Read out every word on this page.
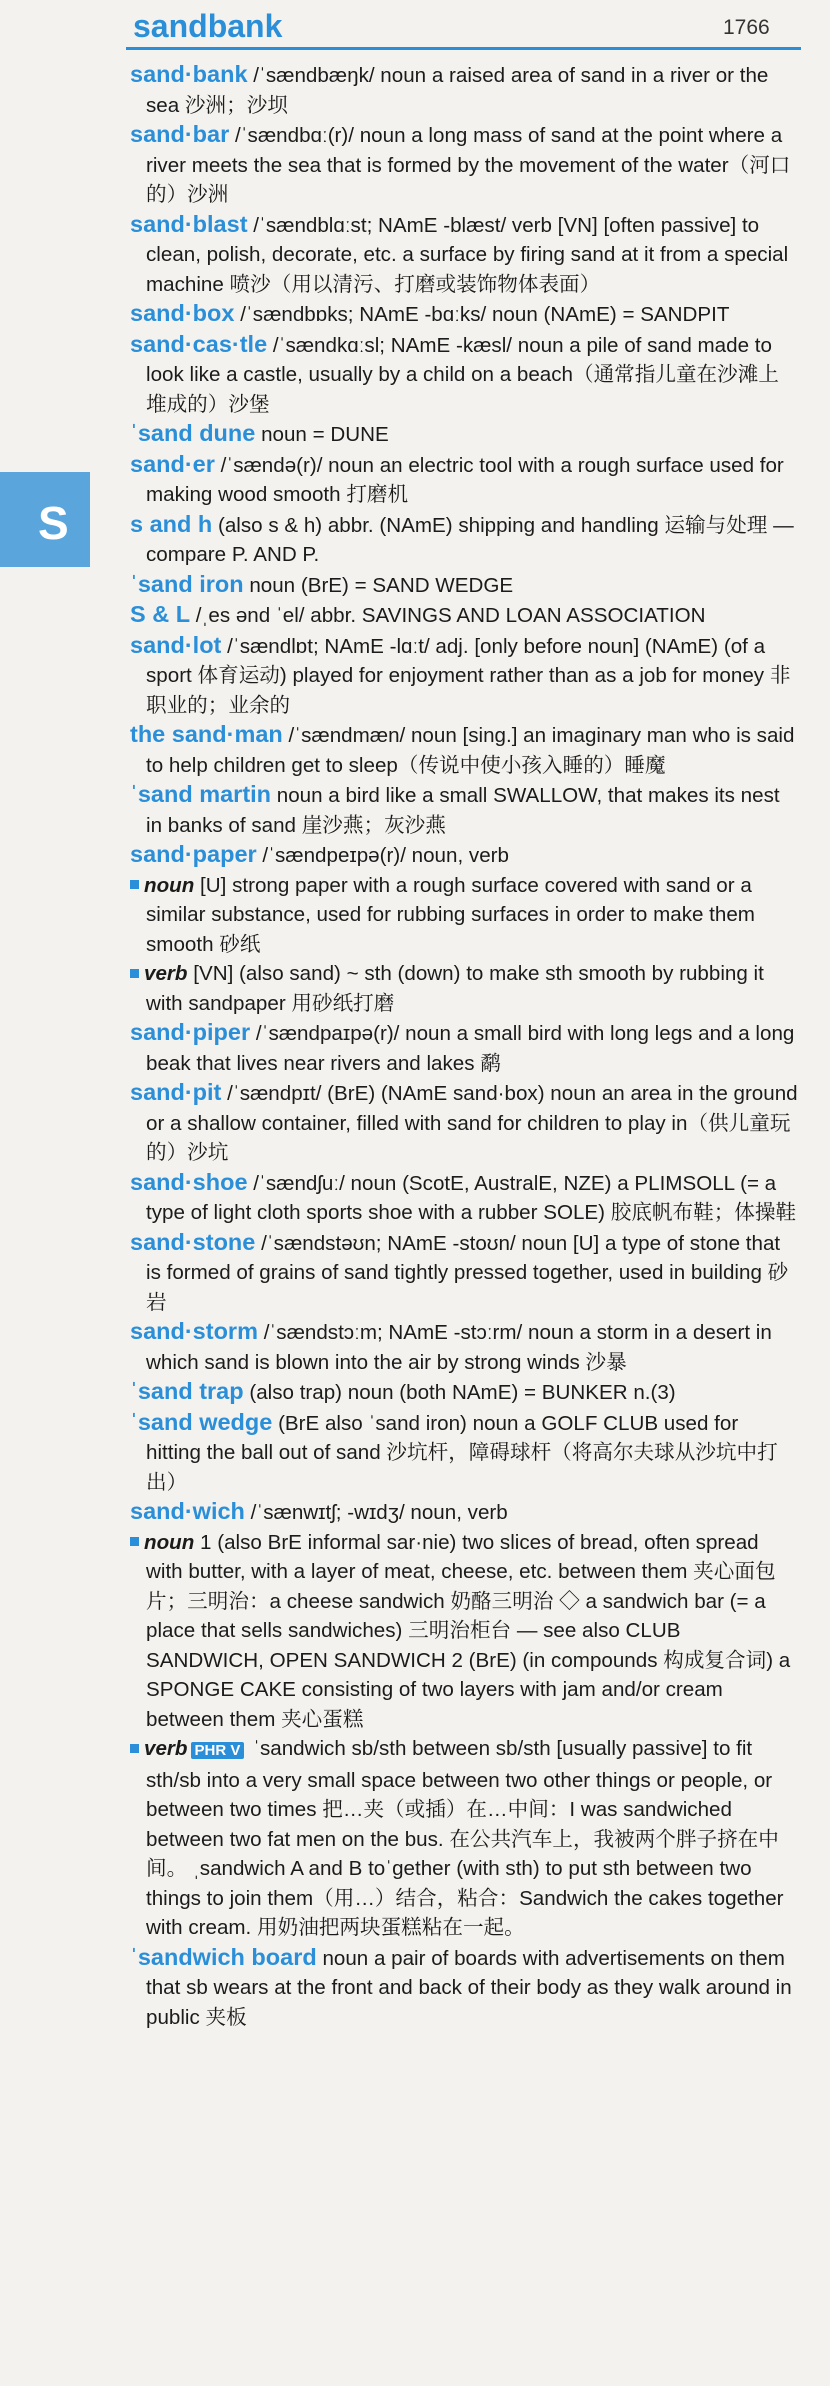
sandbank	1766
S

sand·bank /ˈsændbæŋk/ noun a raised area of sand in a river or the sea 沙洲；沙坝

sand·bar /ˈsændbɑː(r)/ noun a long mass of sand at the point where a river meets the sea that is formed by the movement of the water（河口的）沙洲

sand·blast /ˈsændblɑːst; NAmE -blæst/ verb [VN] [often passive] to clean, polish, decorate, etc. a surface by firing sand at it from a special machine 喷沙（用以清污、打磨或装饰物体表面）

sand·box /ˈsændbɒks; NAmE -bɑːks/ noun (NAmE) = SANDPIT

sand·cas·tle /ˈsændkɑːsl; NAmE -kæsl/ noun a pile of sand made to look like a castle, usually by a child on a beach（通常指儿童在沙滩上堆成的）沙堡

ˈsand dune noun = DUNE

sand·er /ˈsændə(r)/ noun an electric tool with a rough surface used for making wood smooth 打磨机

s and h (also s & h) abbr. (NAmE) shipping and handling 运输与处理 — compare P. AND P.

ˈsand iron noun (BrE) = SAND WEDGE

S & L /ˌes ənd ˈel/ abbr. SAVINGS AND LOAN ASSOCIATION

sand·lot /ˈsændlɒt; NAmE -lɑːt/ adj. [only before noun] (NAmE) (of a sport 体育运动) played for enjoyment rather than as a job for money 非职业的；业余的

the sand·man /ˈsændmæn/ noun [sing.] an imaginary man who is said to help children get to sleep（传说中使小孩入睡的）睡魔

ˈsand martin noun a bird like a small SWALLOW, that makes its nest in banks of sand 崖沙燕；灰沙燕

sand·paper /ˈsændpeɪpə(r)/ noun, verb

noun [U] strong paper with a rough surface covered with sand or a similar substance, used for rubbing surfaces in order to make them smooth 砂纸

verb [VN] (also sand) ~ sth (down) to make sth smooth by rubbing it with sandpaper 用砂纸打磨

sand·piper /ˈsændpaɪpə(r)/ noun a small bird with long legs and a long beak that lives near rivers and lakes 鹬

sand·pit /ˈsændpɪt/ (BrE) (NAmE sand·box) noun an area in the ground or a shallow container, filled with sand for children to play in（供儿童玩的）沙坑

sand·shoe /ˈsændʃuː/ noun (ScotE, AustralE, NZE) a PLIMSOLL (= a type of light cloth sports shoe with a rubber SOLE) 胶底帆布鞋；体操鞋

sand·stone /ˈsændstəʊn; NAmE -stoʊn/ noun [U] a type of stone that is formed of grains of sand tightly pressed together, used in building 砂岩

sand·storm /ˈsændstɔːm; NAmE -stɔːrm/ noun a storm in a desert in which sand is blown into the air by strong winds 沙暴

ˈsand trap (also trap) noun (both NAmE) = BUNKER n.(3)

ˈsand wedge (BrE also ˈsand iron) noun a GOLF CLUB used for hitting the ball out of sand 沙坑杆，障碍球杆（将高尔夫球从沙坑中打出）

sand·wich /ˈsænwɪtʃ; -wɪdʒ/ noun, verb

noun 1 (also BrE informal sar·nie) two slices of bread, often spread with butter, with a layer of meat, cheese, etc. between them 夹心面包片；三明治：a cheese sandwich 奶酪三明治 ◇ a sandwich bar (= a place that sells sandwiches) 三明治柜台 — see also CLUB SANDWICH, OPEN SANDWICH 2 (BrE) (in compounds 构成复合词) a SPONGE CAKE consisting of two layers with jam and/or cream between them 夹心蛋糕

verb PHR V ˈsandwich sb/sth between sb/sth [usually passive] to fit sth/sb into a very small space between two other things or people, or between two times 把…夹（或插）在…中间：I was sandwiched between two fat men on the bus. 在公共汽车上，我被两个胖子挤在中间。 ˌsandwich A and B toˈgether (with sth) to put sth between two things to join them（用…）结合，粘合：Sandwich the cakes together with cream. 用奶油把两块蛋糕粘在一起。

ˈsandwich board noun a pair of boards with advertisements on them that sb wears at the front and back of their body as they walk around in public 夹板
